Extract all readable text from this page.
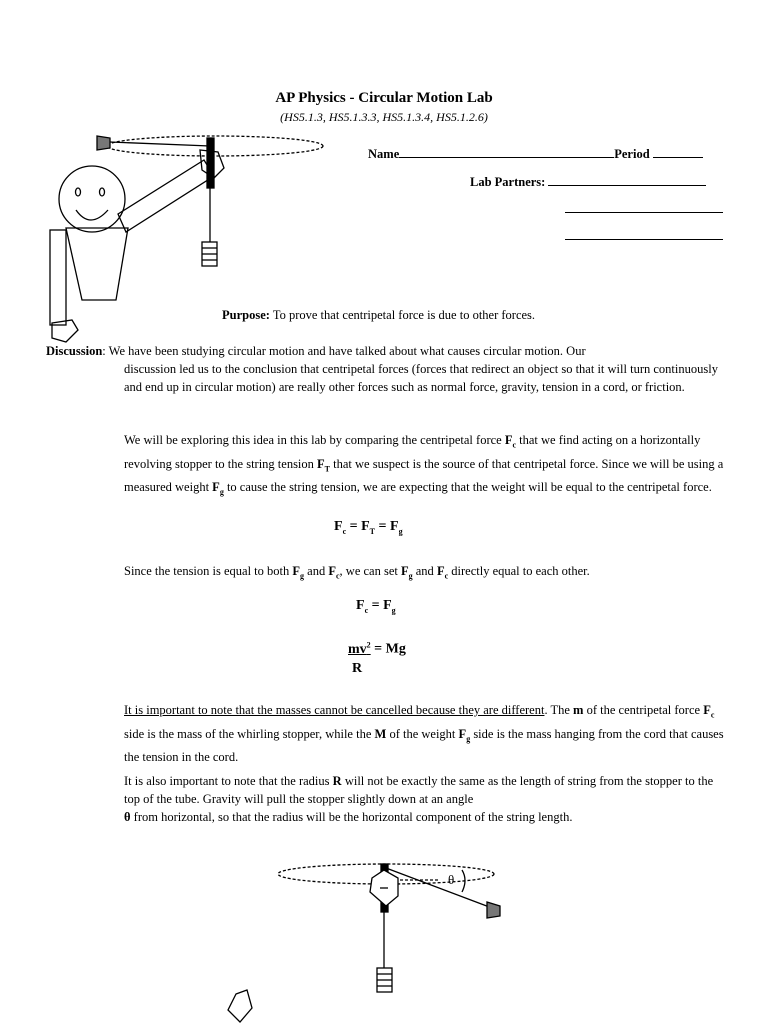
θ
AP Physics - Circular Motion Lab
(HS5.1.3, HS5.1.3.3, HS5.1.3.4, HS5.1.2.6)
Name	Period
Lab Partners:
Purpose: To prove that centripetal force is due to other forces.
Discussion: We have been studying circular motion and have talked about what causes circular motion. Our
discussion led us to the conclusion that centripetal forces (forces that redirect an object so that it will turn continuously and end up in circular motion) are really other forces such as normal force, gravity, tension in a cord, or friction.
We will be exploring this idea in this lab by comparing the centripetal force $F_c$ that we find acting on a horizontally revolving stopper to the string tension $F_T$ that we suspect is the source of that centripetal force. Since we will be using a measured weight $F_g$ to cause the string tension, we are expecting that the weight will be equal to the centripetal force.
$F_c = F_T = F_g$
Since the tension is equal to both $F_g$ and $F_c$, we can set $F_g$ and $F_c$ directly equal to each other.
$F_c = F_g$
$mv^2 = Mg$
R
It is important to note that the masses cannot be cancelled because they are different. The m of the centripetal force $F_c$ side is the mass of the whirling stopper, while the M of the weight $F_g$ side is the mass hanging from the cord that causes the tension in the cord.
It is also important to note that the radius R will not be exactly the same as the length of string from the stopper to the top of the tube. Gravity will pull the stopper slightly down at an angle
θ from horizontal, so that the radius will be the horizontal component of the string length.
